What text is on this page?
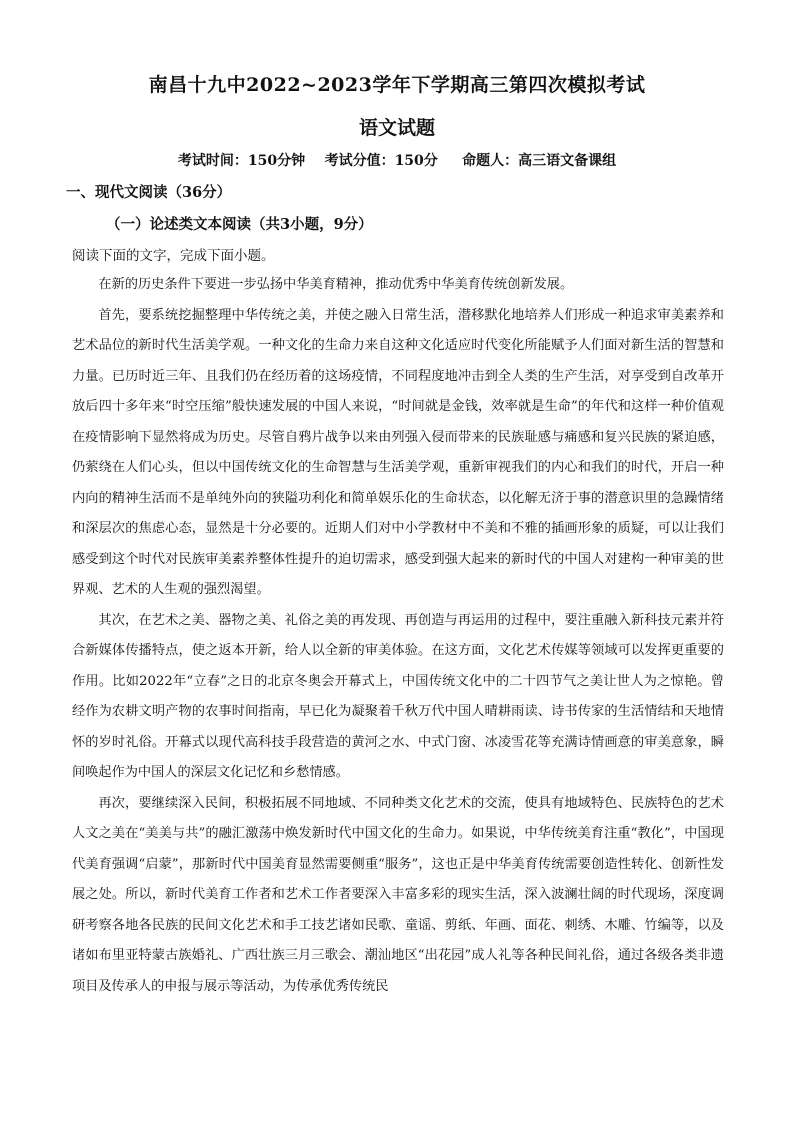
南昌十九中2022~2023学年下学期高三第四次模拟考试
语文试题
考试时间：150分钟    考试分值：150分     命题人：高三语文备课组
一、现代文阅读（36分）
（一）论述类文本阅读（共3小题，9分）
阅读下面的文字，完成下面小题。

在新的历史条件下要进一步弘扬中华美育精神，推动优秀中华美育传统创新发展。

首先，要系统挖掘整理中华传统之美，并使之融入日常生活，潜移默化地培养人们形成一种追求审美素养和艺术品位的新时代生活美学观。一种文化的生命力来自这种文化适应时代变化所能赋予人们面对新生活的智慧和力量。已历时近三年、且我们仍在经历着的这场疫情，不同程度地冲击到全人类的生产生活，对享受到自改革开放后四十多年来“时空压缩”般快速发展的中国人来说，“时间就是金钱，效率就是生命”的年代和这样一种价值观在疫情影响下显然将成为历史。尽管自鸦片战争以来由列强入侵而带来的民族耻感与痛感和复兴民族的紧迫感，仍萦绕在人们心头，但以中国传统文化的生命智慧与生活美学观，重新审视我们的内心和我们的时代，开启一种内向的精神生活而不是单纯外向的狭隘功利化和简单娱乐化的生命状态，以化解无济于事的潜意识里的急躁情绪和深层次的焦虑心态，显然是十分必要的。近期人们对中小学教材中不美和不雅的插画形象的质疑，可以让我们感受到这个时代对民族审美素养整体性提升的迫切需求，感受到强大起来的新时代的中国人对建构一种审美的世界观、艺术的人生观的强烈渴望。

其次，在艺术之美、器物之美、礼俗之美的再发现、再创造与再运用的过程中，要注重融入新科技元素并符合新媒体传播特点，使之返本开新，给人以全新的审美体验。在这方面，文化艺术传媒等领域可以发挥更重要的作用。比如2022年“立春”之日的北京冬奥会开幕式上，中国传统文化中的二十四节气之美让世人为之惊艳。曾经作为农耕文明产物的农事时间指南，早已化为凝聚着千秋万代中国人晴耕雨读、诗书传家的生活情结和天地情怀的岁时礼俗。开幕式以现代高科技手段营造的黄河之水、中式门窗、冰凌雪花等充满诗情画意的审美意象，瞬间唤起作为中国人的深层文化记忆和乡愁情感。

再次，要继续深入民间，积极拓展不同地域、不同种类文化艺术的交流，使具有地域特色、民族特色的艺术人文之美在“美美与共”的融汇激荡中焕发新时代中国文化的生命力。如果说，中华传统美育注重“教化”，中国现代美育强调“启蒙”，那新时代中国美育显然需要侧重“服务”，这也正是中华美育传统需要创造性转化、创新性发展之处。所以，新时代美育工作者和艺术工作者要深入丰富多彩的现实生活，深入波澜壮阔的时代现场，深度调研考察各地各民族的民间文化艺术和手工技艺诸如民歌、童谣、剪纸、年画、面花、刺绣、木雕、竹编等，以及诸如布里亚特蒙古族婚礼、广西壮族三月三歌会、潮汕地区“出花园”成人礼等各种民间礼俗，通过各级各类非遗项目及传承人的申报与展示等活动，为传承优秀传统民
